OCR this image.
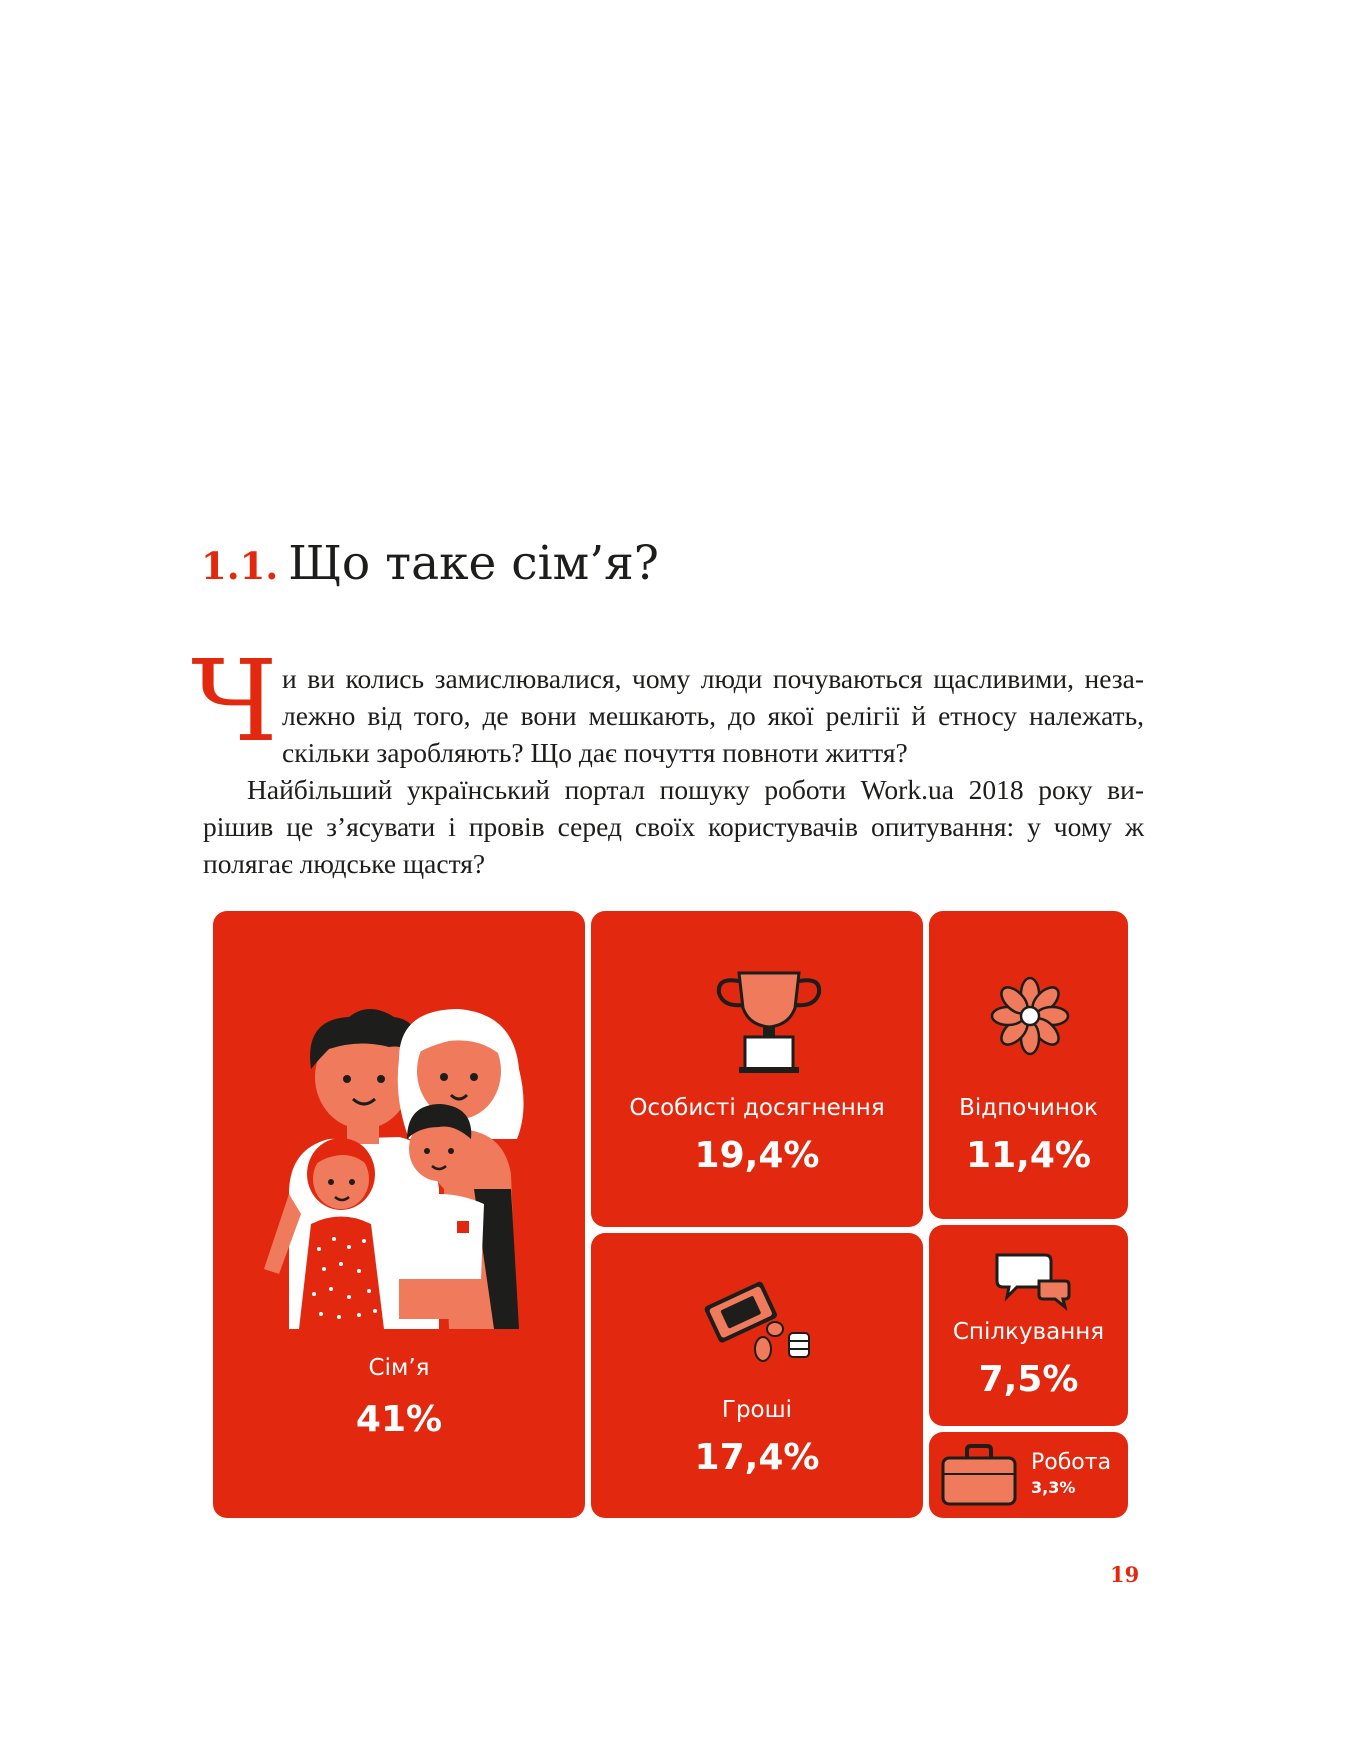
1.1. Що таке сім’я?
Ч и ви колись замислювалися, чому люди почуваються щасливими, неза-
лежно від того, де вони мешкають, до якої релігії й етносу належать,
скільки заробляють? Що дає почуття повноти життя?
Найбільший український портал пошуку роботи Work.ua 2018 року ви-
рішив це з’ясувати і провів серед своїх користувачів опитування: у чому ж
полягає людське щастя?
Сім’я
41%
Особисті досягнення
19,4%
Відпочинок
11,4%
Гроші
17,4%
Спілкування
7,5%
Робота
3,3%
19
